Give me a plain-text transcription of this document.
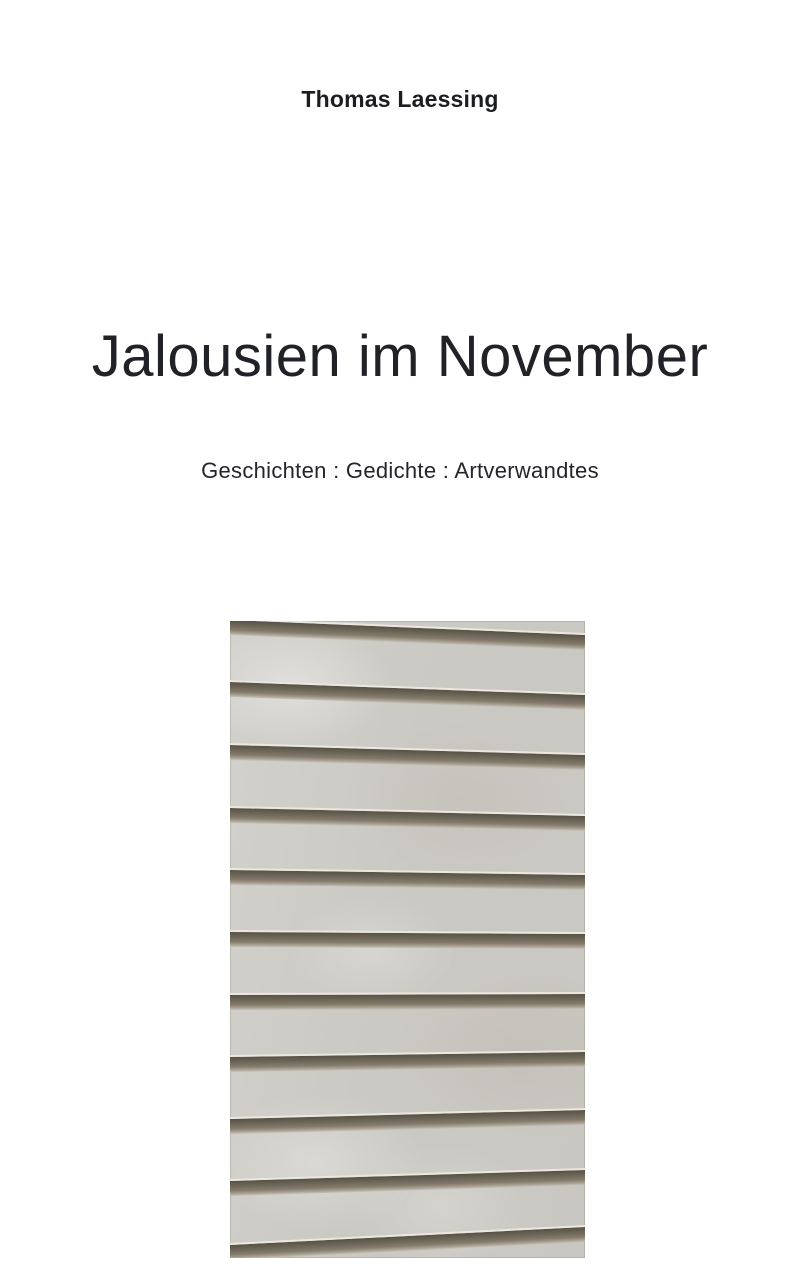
Thomas Laessing
Jalousien im November
Geschichten : Gedichte : Artverwandtes
